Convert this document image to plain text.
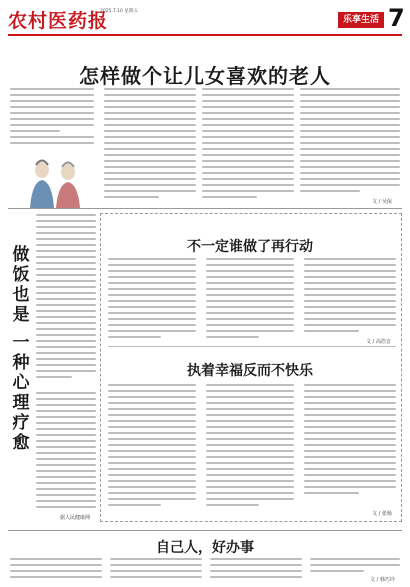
农村医药报
2025.7.10 星期五
乐享生活 7
怎样做个让儿女喜欢的老人
文 / 吴保
做
饭
也
是
一
种
心
理
疗
愈
据人民健康网
不一定谁做了再行动
文 / 高浩音
执着幸福反而不快乐
文 / 张杨
自己人，好办事
文 / 韩巧玲
